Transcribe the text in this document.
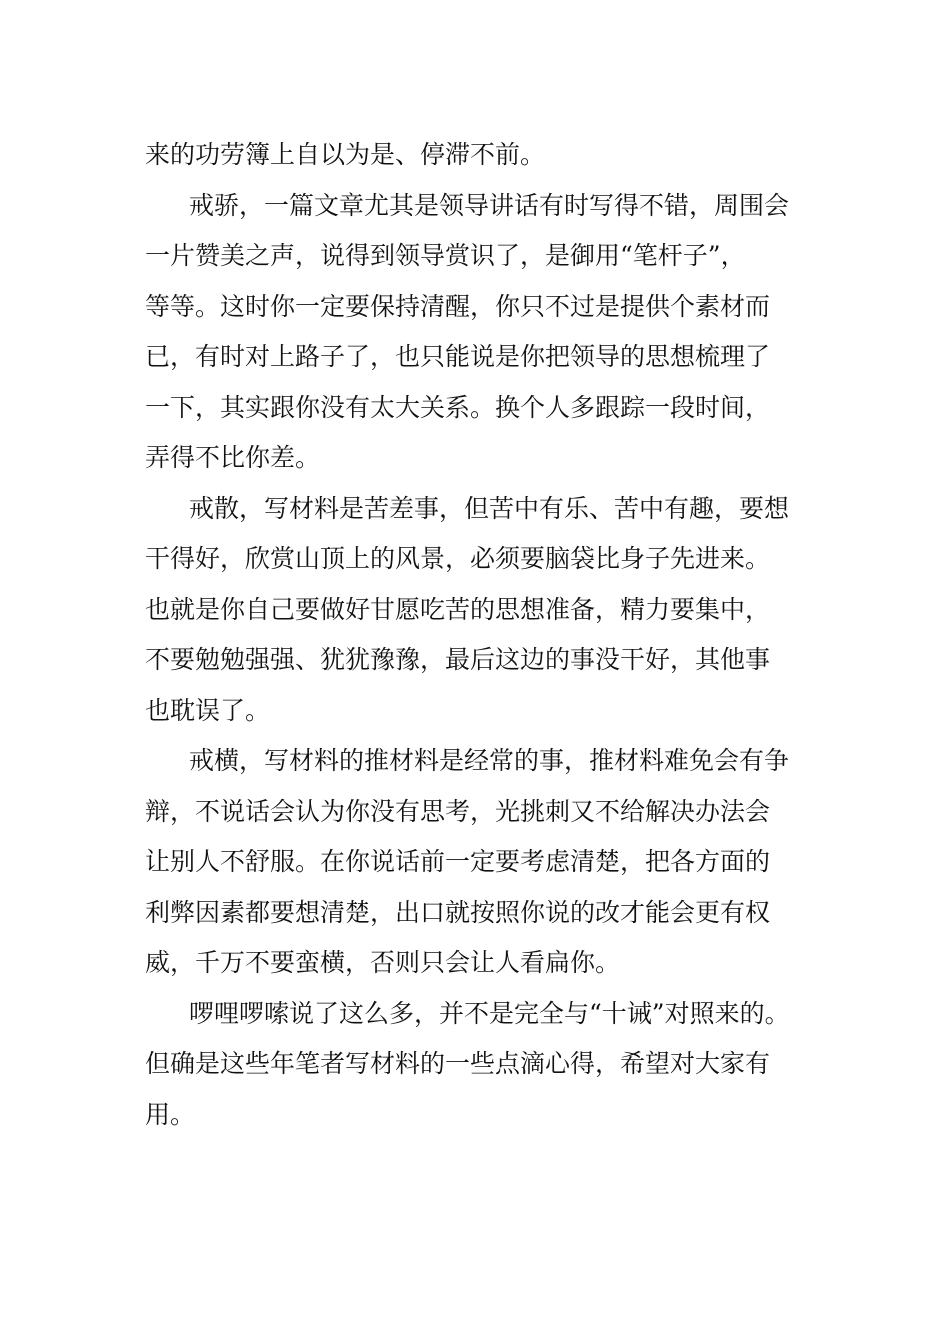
来的功劳簿上自以为是、停滞不前。
戒骄，一篇文章尤其是领导讲话有时写得不错，周围会
一片赞美之声，说得到领导赏识了，是御用“笔杆子”，
等等。这时你一定要保持清醒，你只不过是提供个素材而
已，有时对上路子了，也只能说是你把领导的思想梳理了
一下，其实跟你没有太大关系。换个人多跟踪一段时间，
弄得不比你差。
戒散，写材料是苦差事，但苦中有乐、苦中有趣，要想
干得好，欣赏山顶上的风景，必须要脑袋比身子先进来。
也就是你自己要做好甘愿吃苦的思想准备，精力要集中，
不要勉勉强强、犹犹豫豫，最后这边的事没干好，其他事
也耽误了。
戒横，写材料的推材料是经常的事，推材料难免会有争
辩，不说话会认为你没有思考，光挑刺又不给解决办法会
让别人不舒服。在你说话前一定要考虑清楚，把各方面的
利弊因素都要想清楚，出口就按照你说的改才能会更有权
威，千万不要蛮横，否则只会让人看扁你。
啰哩啰嗦说了这么多，并不是完全与“十诫”对照来的。
但确是这些年笔者写材料的一些点滴心得，希望对大家有
用。
